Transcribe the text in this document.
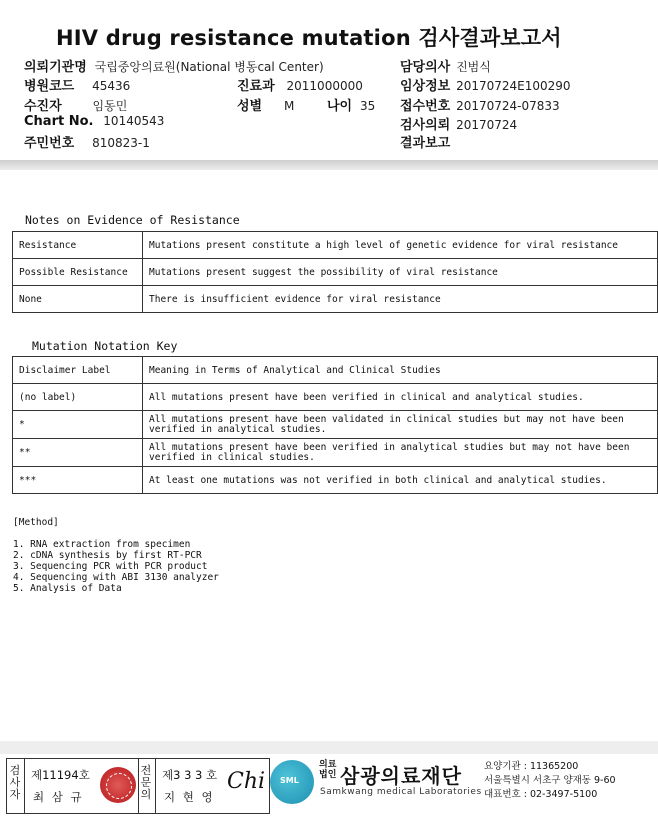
HIV drug resistance mutation 검사결과보고서
의뢰기관명 국립중앙의료원(National 병동cal Center)
병원코드 45436
수진자	임동민
Chart No. 10140543
주민번호 810823-1
진료과 2011000000
성별 M	나이 35
담당의사 진범식
임상정보 20170724E100290
접수번호 20170724-07833
검사의뢰 20170724
결과보고
Notes on Evidence of Resistance
Resistance	Mutations present constitute a high level of genetic evidence for viral resistance
Possible Resistance	Mutations present suggest the possibility of viral resistance
None	There is insufficient evidence for viral resistance
Mutation Notation Key
Disclaimer Label	Meaning in Terms of Analytical and Clinical Studies
(no label)	All mutations present have been verified in clinical and analytical studies.
*	All mutations present have been validated in clinical studies but may not have been verified in analytical studies.
**	All mutations present have been verified in analytical studies but may not have been verified in clinical studies.
***	At least one mutations was not verified in both clinical and analytical studies.
[Method]
1. RNA extraction from specimen
2. cDNA synthesis by first RT-PCR
3. Sequencing PCR with PCR product
4. Sequencing with ABI 3130 analyzer
5. Analysis of Data
검사자
제11194호
최 삼 규
전문의
제3 3 3 호
지 현 영
Chi SML
의료법인 삼광의료재단
Samkwang medical Laboratories
요양기관 : 11365200
서울특별시 서초구 양재동 9-60
대표번호 : 02-3497-5100
